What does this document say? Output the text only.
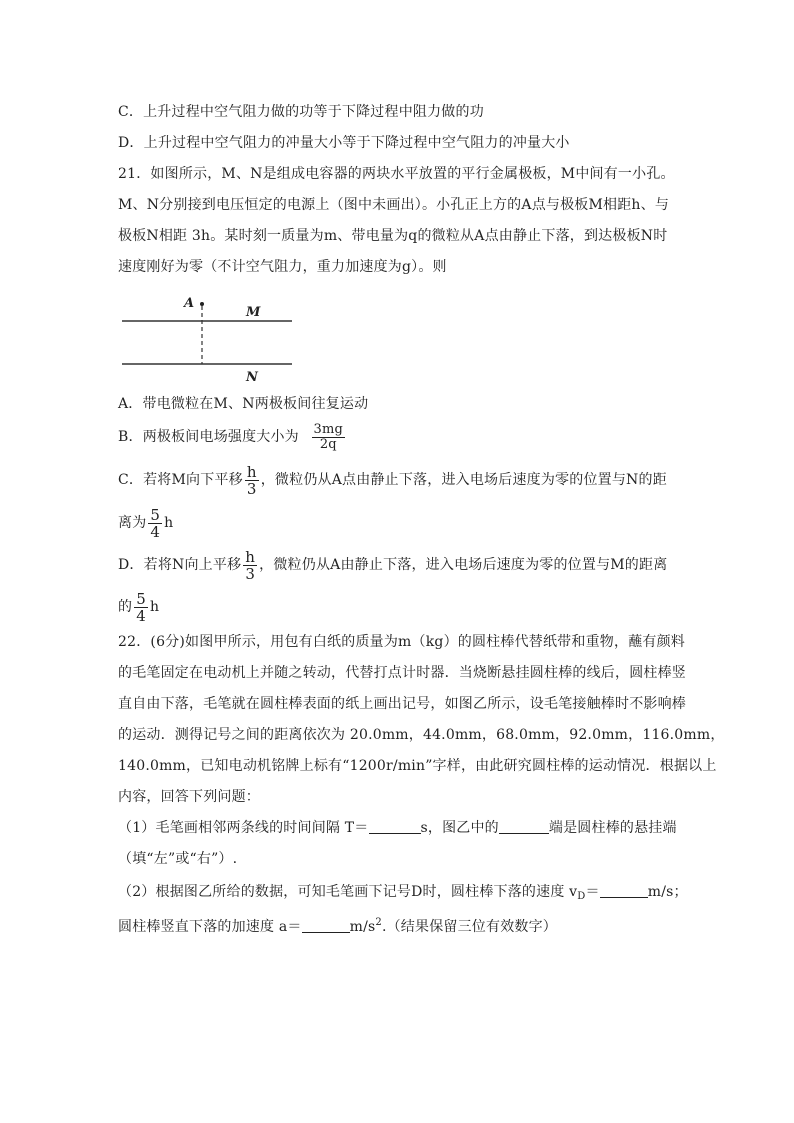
C．上升过程中空气阻力做的功等于下降过程中阻力做的功
D．上升过程中空气阻力的冲量大小等于下降过程中空气阻力的冲量大小
21．如图所示，M、N是组成电容器的两块水平放置的平行金属极板，M中间有一小孔。
M、N分别接到电压恒定的电源上（图中未画出）。小孔正上方的A点与极板M相距h、与
极板N相距 3h。某时刻一质量为m、带电量为q的微粒从A点由静止下落，到达极板N时
速度刚好为零（不计空气阻力，重力加速度为g）。则
A
M
N
A．带电微粒在M、N两极板间往复运动
B．两极板间电场强度大小为 $\frac{3mg}{2q}$
C．若将M向下平移 $\frac{h}{3}$ ，微粒仍从A点由静止下落，进入电场后速度为零的位置与N的距
离为 $\frac{5}{4}$ h
D．若将N向上平移 $\frac{h}{3}$ ，微粒仍从A由静止下落，进入电场后速度为零的位置与M的距离
的 $\frac{5}{4}$ h
22．(6分)如图甲所示，用包有白纸的质量为m（kg）的圆柱棒代替纸带和重物，蘸有颜料
的毛笔固定在电动机上并随之转动，代替打点计时器．当烧断悬挂圆柱棒的线后，圆柱棒竖
直自由下落，毛笔就在圆柱棒表面的纸上画出记号，如图乙所示，设毛笔接触棒时不影响棒
的运动．测得记号之间的距离依次为 20.0mm，44.0mm，68.0mm，92.0mm，116.0mm，
140.0mm，已知电动机铭牌上标有“1200r/min”字样，由此研究圆柱棒的运动情况．根据以上
内容，回答下列问题：
（1）毛笔画相邻两条线的时间间隔 T＝	s，图乙中的	端是圆柱棒的悬挂端
（填“左”或“右”）.
（2）根据图乙所给的数据，可知毛笔画下记号D时，圆柱棒下落的速度 $v_D=$	m/s；
圆柱棒竖直下落的加速度 a＝	$m/s^2$.（结果保留三位有效数字）
